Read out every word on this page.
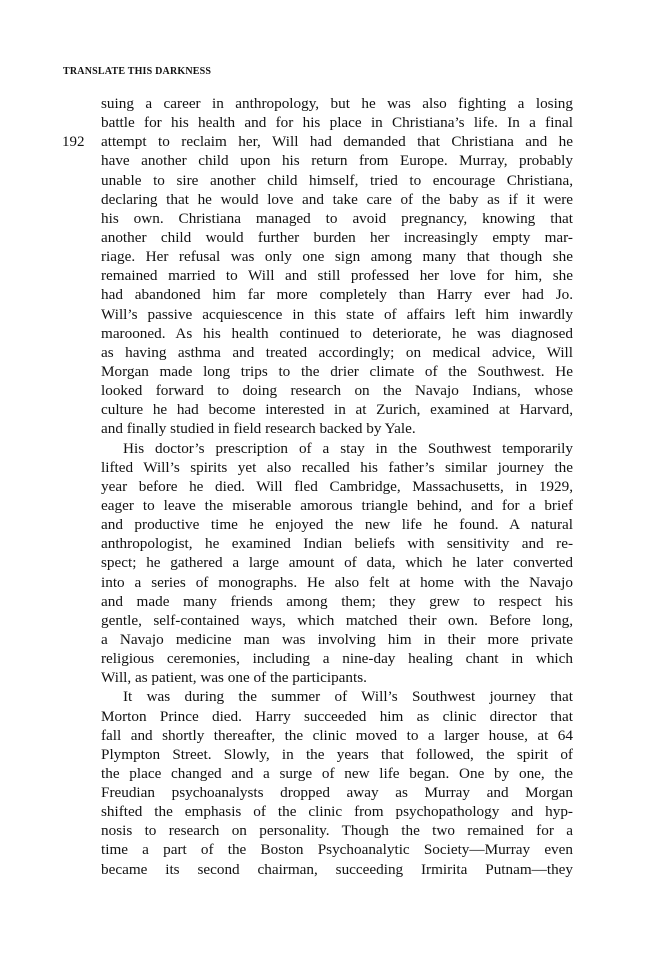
TRANSLATE THIS DARKNESS
192
suing a career in anthropology, but he was also fighting a losing
battle for his health and for his place in Christiana’s life. In a final
attempt to reclaim her, Will had demanded that Christiana and he
have another child upon his return from Europe. Murray, probably
unable to sire another child himself, tried to encourage Christiana,
declaring that he would love and take care of the baby as if it were
his own. Christiana managed to avoid pregnancy, knowing that
another child would further burden her increasingly empty mar-
riage. Her refusal was only one sign among many that though she
remained married to Will and still professed her love for him, she
had abandoned him far more completely than Harry ever had Jo.
Will’s passive acquiescence in this state of affairs left him inwardly
marooned. As his health continued to deteriorate, he was diagnosed
as having asthma and treated accordingly; on medical advice, Will
Morgan made long trips to the drier climate of the Southwest. He
looked forward to doing research on the Navajo Indians, whose
culture he had become interested in at Zurich, examined at Harvard,
and finally studied in field research backed by Yale.
His doctor’s prescription of a stay in the Southwest temporarily
lifted Will’s spirits yet also recalled his father’s similar journey the
year before he died. Will fled Cambridge, Massachusetts, in 1929,
eager to leave the miserable amorous triangle behind, and for a brief
and productive time he enjoyed the new life he found. A natural
anthropologist, he examined Indian beliefs with sensitivity and re-
spect; he gathered a large amount of data, which he later converted
into a series of monographs. He also felt at home with the Navajo
and made many friends among them; they grew to respect his
gentle, self-contained ways, which matched their own. Before long,
a Navajo medicine man was involving him in their more private
religious ceremonies, including a nine-day healing chant in which
Will, as patient, was one of the participants.
It was during the summer of Will’s Southwest journey that
Morton Prince died. Harry succeeded him as clinic director that
fall and shortly thereafter, the clinic moved to a larger house, at 64
Plympton Street. Slowly, in the years that followed, the spirit of
the place changed and a surge of new life began. One by one, the
Freudian psychoanalysts dropped away as Murray and Morgan
shifted the emphasis of the clinic from psychopathology and hyp-
nosis to research on personality. Though the two remained for a
time a part of the Boston Psychoanalytic Society—Murray even
became its second chairman, succeeding Irmirita Putnam—they
